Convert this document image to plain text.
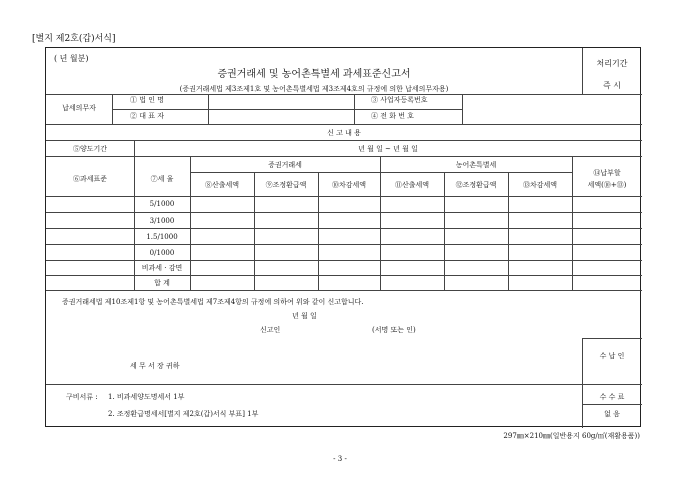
[별지 제2호(갑)서식]
( 년 월분)
증권거래세 및 농어촌특별세 과세표준신고서
(증권거래세법 제3조제1호 및 농어촌특별세법 제3조제4호의 규정에 의한 납세의무자용)
처리기간
즉 시
납세의무자
① 법 인 명	③ 사업자등록번호
② 대 표 자	④ 전 화 번 호
신 고 내 용
⑤양도기간	년 월 일 ~ 년 월 일
⑥과세표준	⑦세 율
증권거래세	농어촌특별세
⑧산출세액	⑨조정환급액	⑩차감세액	⑪산출세액	⑫조정환급액	⑬차감세액
⑭납부할
세액(⑩+⑬)
5/1000
3/1000
1.5/1000
0/1000
비과세 · 감면
합 계
증권거래세법 제10조제1항 및 농어촌특별세법 제7조제4항의 규정에 의하여 위와 같이 신고합니다.
년 월 일
신고인	(서명 또는 인)
세 무 서 장 귀하
수 납 인
수 수 료
없 음
구비서류 : 1. 비과세양도명세서 1부
2. 조정환급명세서[별지 제2호(갑)서식 부표] 1부
297㎜×210㎜(일반용지 60g/㎡(재활용품))
- 3 -
